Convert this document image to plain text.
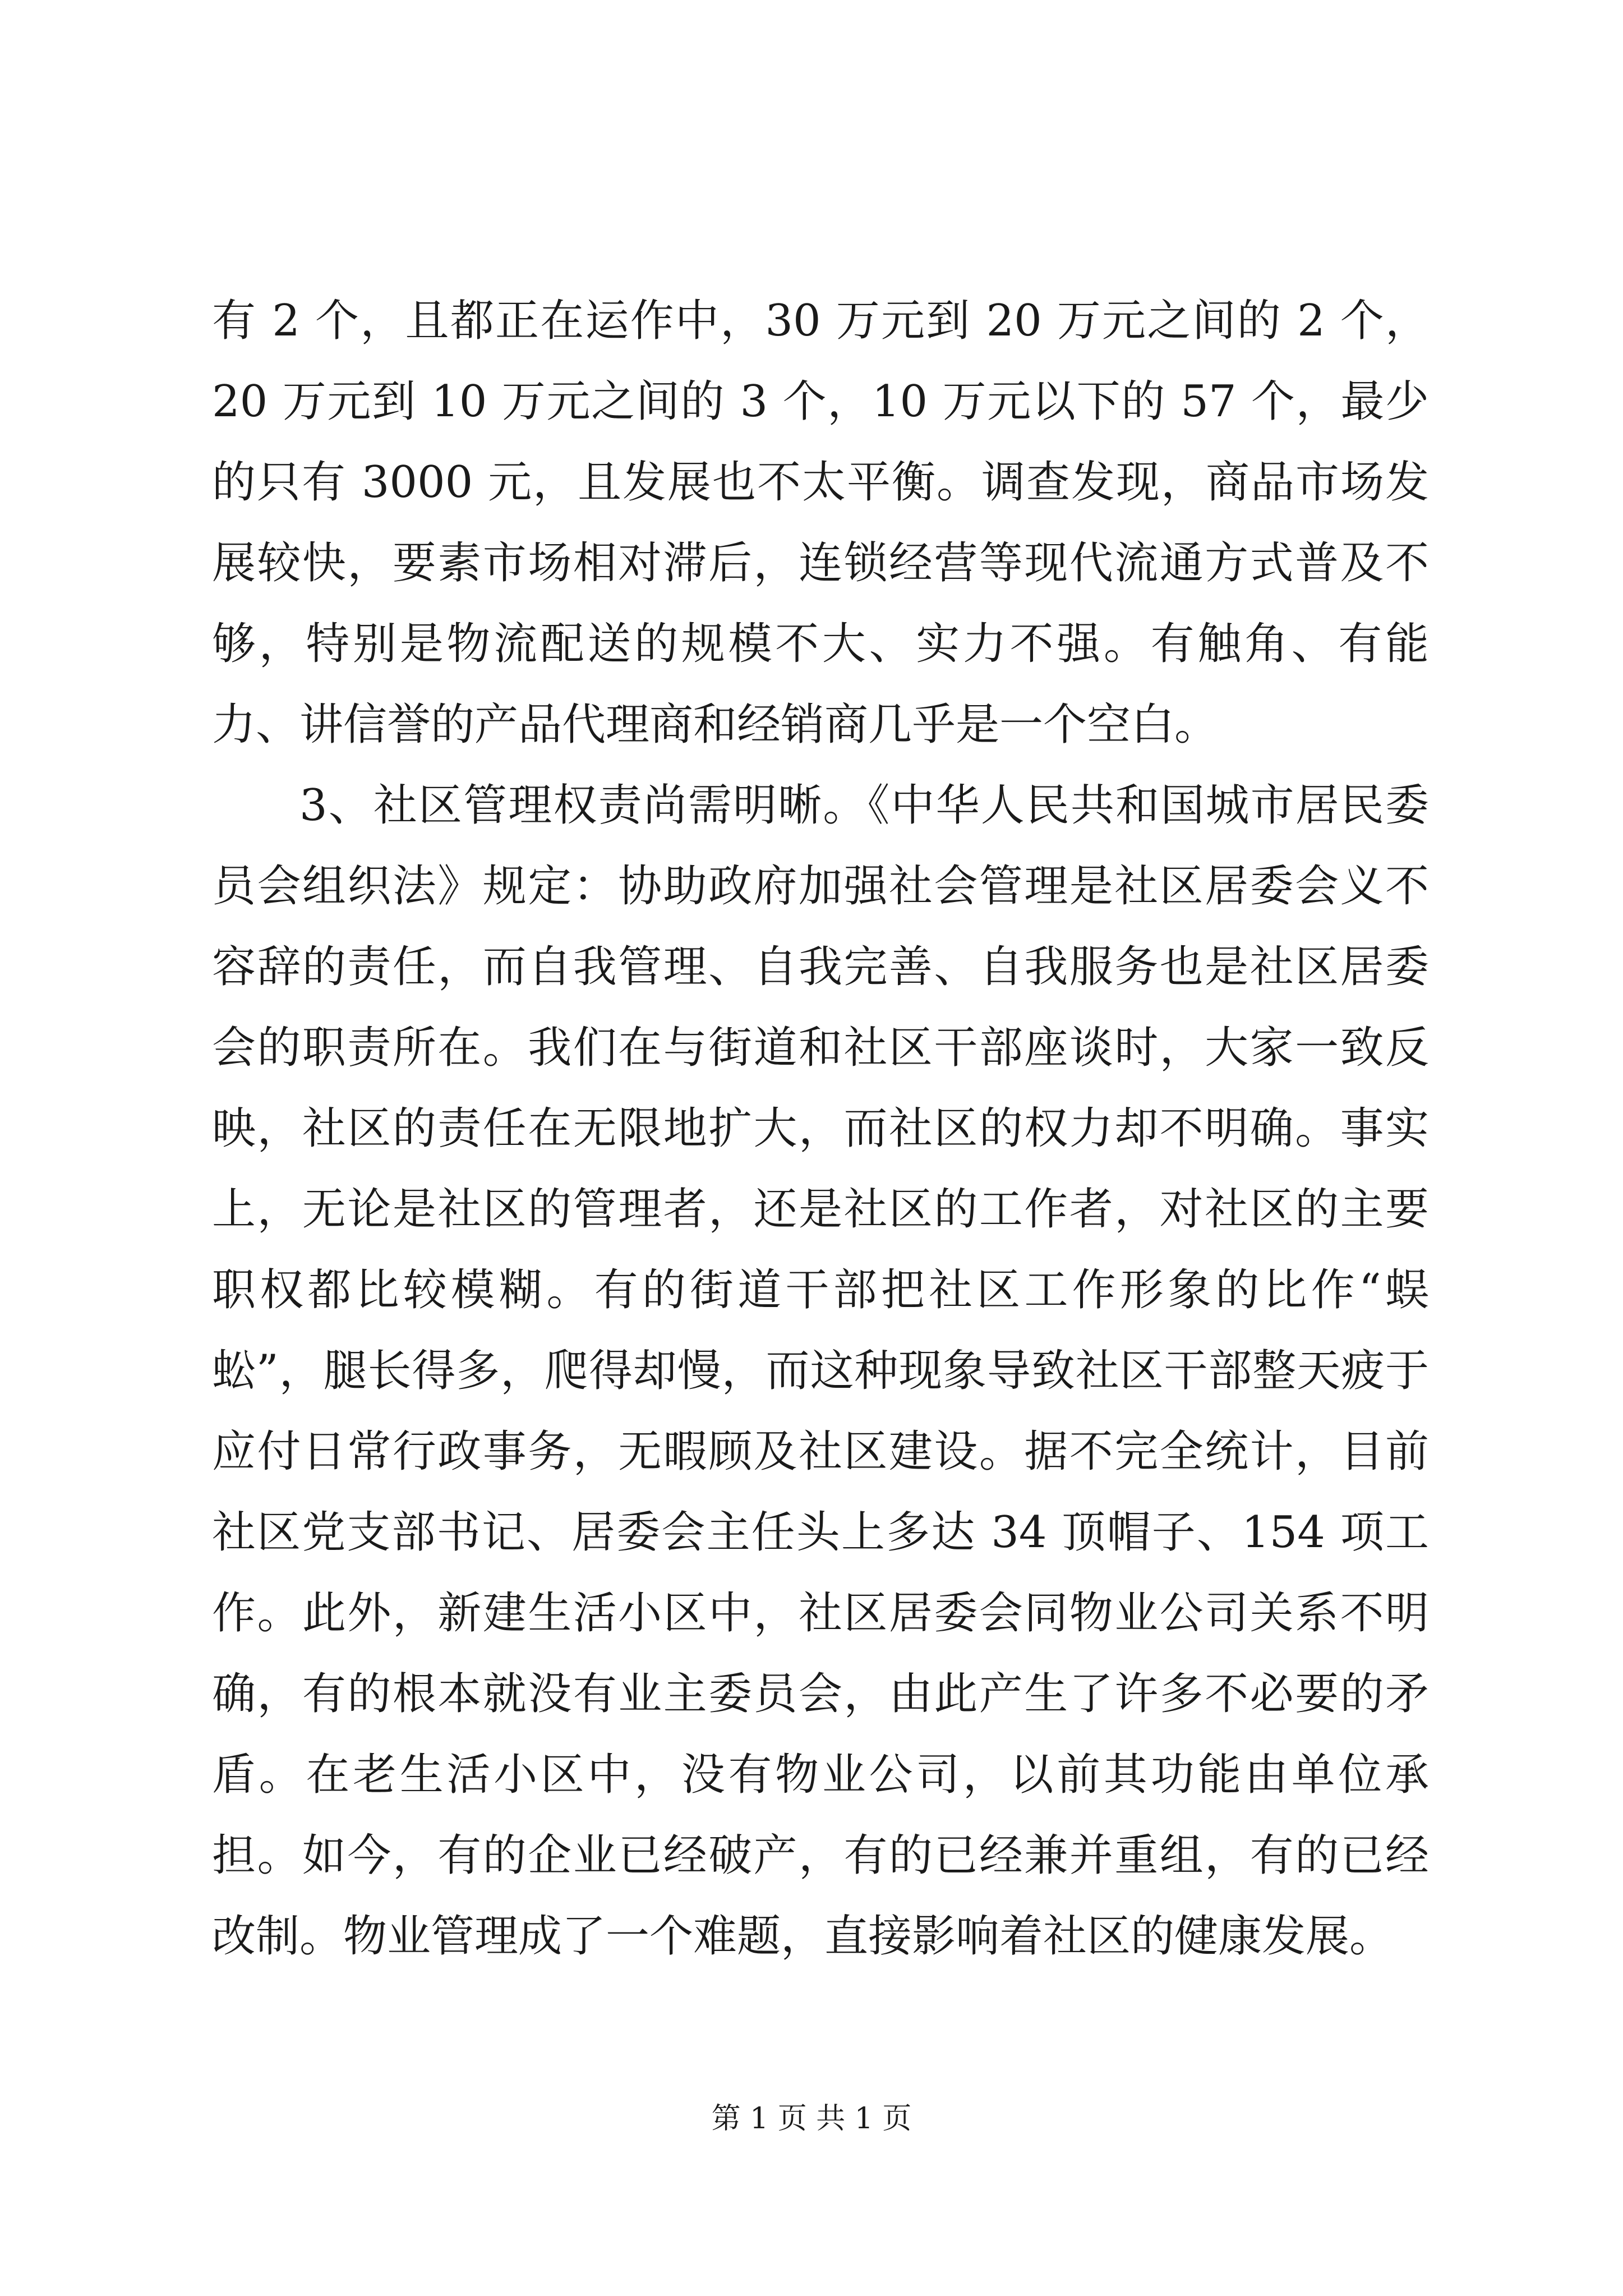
有 2 个，且都正在运作中，30 万元到 20 万元之间的 2 个，20 万元到 10 万元之间的 3 个，10 万元以下的 57 个，最少的只有 3000 元，且发展也不太平衡。调查发现，商品市场发展较快，要素市场相对滞后，连锁经营等现代流通方式普及不够，特别是物流配送的规模不大、实力不强。有触角、有能力、讲信誉的产品代理商和经销商几乎是一个空白。

3、社区管理权责尚需明晰。《中华人民共和国城市居民委员会组织法》规定：协助政府加强社会管理是社区居委会义不容辞的责任，而自我管理、自我完善、自我服务也是社区居委会的职责所在。我们在与街道和社区干部座谈时，大家一致反映，社区的责任在无限地扩大，而社区的权力却不明确。事实上，无论是社区的管理者，还是社区的工作者，对社区的主要职权都比较模糊。有的街道干部把社区工作形象的比作“蜈蚣”，腿长得多，爬得却慢，而这种现象导致社区干部整天疲于应付日常行政事务，无暇顾及社区建设。据不完全统计，目前社区党支部书记、居委会主任头上多达 34 顶帽子、154 项工作。此外，新建生活小区中，社区居委会同物业公司关系不明确，有的根本就没有业主委员会，由此产生了许多不必要的矛盾。在老生活小区中，没有物业公司，以前其功能由单位承担。如今，有的企业已经破产，有的已经兼并重组，有的已经改制。物业管理成了一个难题，直接影响着社区的健康发展。

第 1 页 共 1 页
